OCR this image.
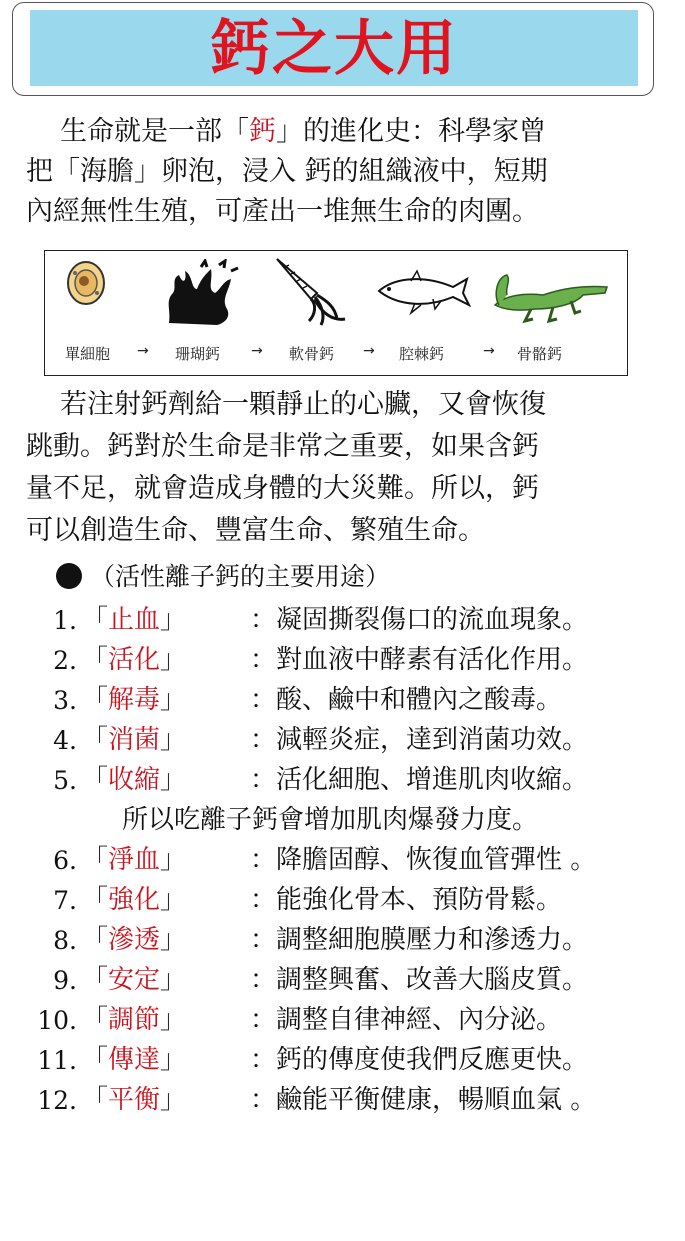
鈣之大用

生命就是一部「鈣」的進化史：科學家曾
把「海膽」卵泡，浸入 鈣的組織液中，短期
內經無性生殖，可產出一堆無生命的肉團。

單細胞 → 珊瑚鈣 → 軟骨鈣 → 腔棘鈣	→ 骨骼鈣

若注射鈣劑給一顆靜止的心臟，又會恢復
跳動。鈣對於生命是非常之重要，如果含鈣
量不足，就會造成身體的大災難。所以，鈣
可以創造生命、豐富生命、繁殖生命。

（活性離子鈣的主要用途）
1. 「止血」 ：凝固撕裂傷口的流血現象。
2. 「活化」 ：對血液中酵素有活化作用。
3. 「解毒」 ：酸、鹼中和體內之酸毒。
4. 「消菌」 ：減輕炎症，達到消菌功效。
5. 「收縮」 ：活化細胞、增進肌肉收縮。
所以吃離子鈣會增加肌肉爆發力度。
6. 「淨血」 ：降膽固醇、恢復血管彈性 。
7. 「強化」 ：能強化骨本、預防骨鬆。
8. 「滲透」 ：調整細胞膜壓力和滲透力。
9. 「安定」 ：調整興奮、改善大腦皮質。
10. 「調節」 ：調整自律神經、內分泌。
11. 「傳達」 ：鈣的傳度使我們反應更快。
12. 「平衡」 ：鹼能平衡健康，暢順血氣 。
